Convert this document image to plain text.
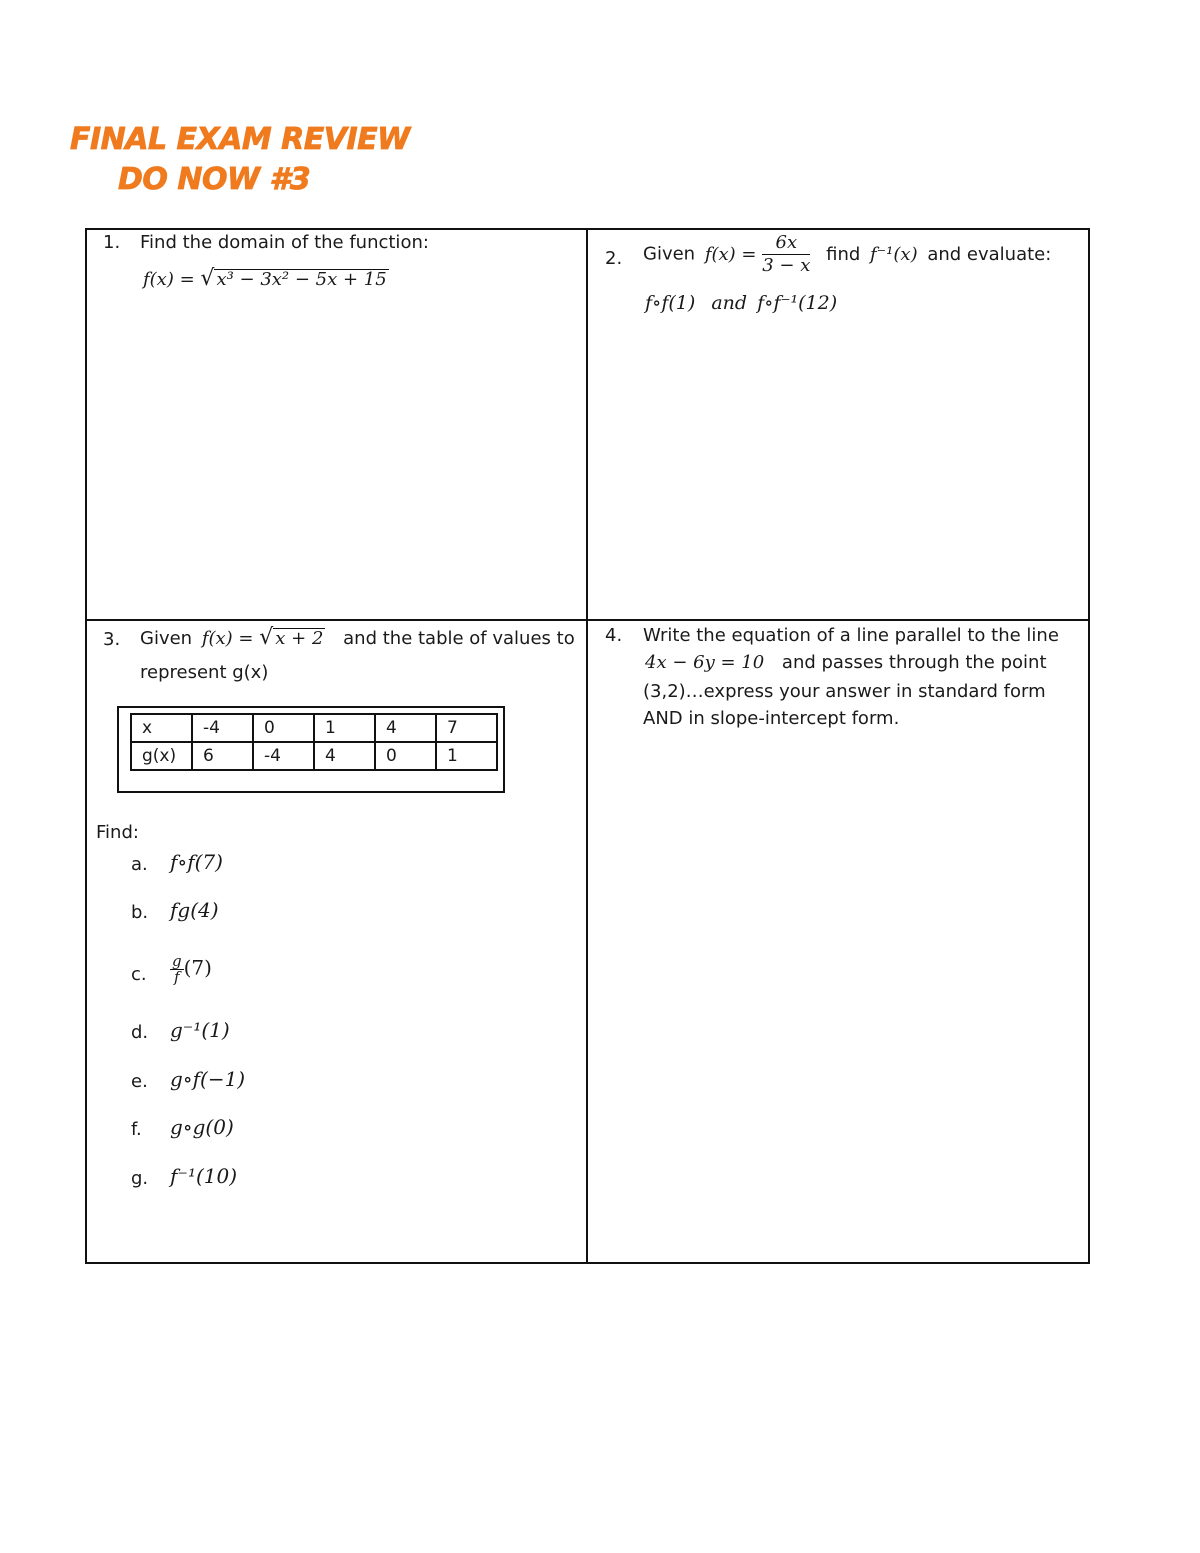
FINAL EXAM REVIEW
DO NOW #3
1. Find the domain of the function:
f(x) = √ x³ − 3x² − 5x + 15
2. Given $f(x) = \frac{6x}{3 - x}$ find f⁻¹(x) and evaluate:
f∘f(1) and f∘f⁻¹(12)
3. Given f(x) = √ x + 2 and the table of values to
represent g(x)
x	-4	0	1	4	7
g(x)	6	-4	4	0	1
Find:
a. f∘f(7)
b. fg(4)
c. $\frac{g}{f}(7)$
d. g⁻¹(1)
e. g∘f(−1)
f. g∘g(0)
g. f⁻¹(10)
4. Write the equation of a line parallel to the line
4x − 6y = 10 and passes through the point
(3,2)…express your answer in standard form
AND in slope-intercept form.
